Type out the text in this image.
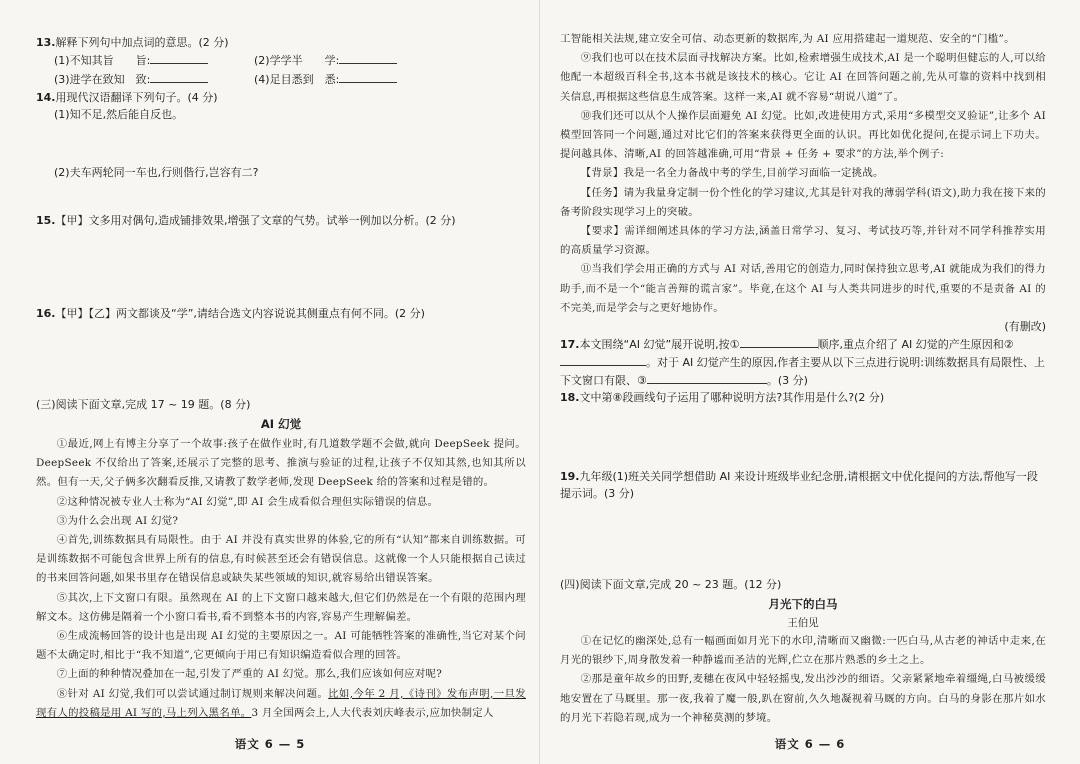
13.解释下列句中加点词的意思。(2 分)

(1)不知其旨　　旨:	(2)学学半　　学:
(3)进学在致知　致:	(4)足目悉到　悉:

14.用现代汉语翻译下列句子。(4 分)

(1)知不足,然后能自反也。

(2)夫车两轮同一车也,行则偕行,岂容有二?

15.【甲】文多用对偶句,造成铺排效果,增强了文章的气势。试举一例加以分析。(2 分)

16.【甲】【乙】两文都谈及“学”,请结合选文内容说说其侧重点有何不同。(2 分)

(三)阅读下面文章,完成 17 ~ 19 题。(8 分)

AI 幻觉

①最近,网上有博主分享了一个故事:孩子在做作业时,有几道数学题不会做,就向 DeepSeek 提问。DeepSeek 不仅给出了答案,还展示了完整的思考、推演与验证的过程,让孩子不仅知其然,也知其所以然。但有一天,父子俩多次翻看反推,又请教了数学老师,发现 DeepSeek 给的答案和过程是错的。

②这种情况被专业人士称为“AI 幻觉”,即 AI 会生成看似合理但实际错误的信息。

③为什么会出现 AI 幻觉?

④首先,训练数据具有局限性。由于 AI 并没有真实世界的体验,它的所有“认知”都来自训练数据。可是训练数据不可能包含世界上所有的信息,有时候甚至还会有错误信息。这就像一个人只能根据自己读过的书来回答问题,如果书里存在错误信息或缺失某些领域的知识,就容易给出错误答案。

⑤其次,上下文窗口有限。虽然现在 AI 的上下文窗口越来越大,但它们仍然是在一个有限的范围内理解文本。这仿佛是隔着一个小窗口看书,看不到整本书的内容,容易产生理解偏差。

⑥生成流畅回答的设计也是出现 AI 幻觉的主要原因之一。AI 可能牺牲答案的准确性,当它对某个问题不太确定时,相比于“我不知道”,它更倾向于用已有知识编造看似合理的回答。

⑦上面的种种情况叠加在一起,引发了严重的 AI 幻觉。那么,我们应该如何应对呢?

⑧针对 AI 幻觉,我们可以尝试通过制订规则来解决问题。比如,今年 2 月,《诗刊》发布声明,一旦发现有人的投稿是用 AI 写的,马上列入黑名单。3 月全国两会上,人大代表刘庆峰表示,应加快制定人

语文 6 — 5

工智能相关法规,建立安全可信、动态更新的数据库,为 AI 应用搭建起一道规范、安全的“门槛”。

⑨我们也可以在技术层面寻找解决方案。比如,检索增强生成技术,AI 是一个聪明但健忘的人,可以给他配一本超级百科全书,这本书就是该技术的核心。它让 AI 在回答问题之前,先从可靠的资料中找到相关信息,再根据这些信息生成答案。这样一来,AI 就不容易“胡说八道”了。

⑩我们还可以从个人操作层面避免 AI 幻觉。比如,改进使用方式,采用“多模型交叉验证”,让多个 AI 模型回答同一个问题,通过对比它们的答案来获得更全面的认识。再比如优化提问,在提示词上下功夫。提问越具体、清晰,AI 的回答越准确,可用“背景 + 任务 + 要求”的方法,举个例子:

【背景】我是一名全力备战中考的学生,目前学习面临一定挑战。

【任务】请为我量身定制一份个性化的学习建议,尤其是针对我的薄弱学科(语文),助力我在接下来的备考阶段实现学习上的突破。

【要求】需详细阐述具体的学习方法,涵盖日常学习、复习、考试技巧等,并针对不同学科推荐实用的高质量学习资源。

⑪当我们学会用正确的方式与 AI 对话,善用它的创造力,同时保持独立思考,AI 就能成为我们的得力助手,而不是一个“能言善辩的谎言家”。毕竟,在这个 AI 与人类共同进步的时代,重要的不是责备 AI 的不完美,而是学会与之更好地协作。

(有删改)

17.本文围绕“AI 幻觉”展开说明,按①	顺序,重点介绍了 AI 幻觉的产生原因和②。对于 AI 幻觉产生的原因,作者主要从以下三点进行说明:训练数据具有局限性、上下文窗口有限、③	。(3 分)

18.文中第⑧段画线句子运用了哪种说明方法?其作用是什么?(2 分)

19.九年级(1)班关关同学想借助 AI 来设计班级毕业纪念册,请根据文中优化提问的方法,帮他写一段提示词。(3 分)

(四)阅读下面文章,完成 20 ~ 23 题。(12 分)

月光下的白马

王伯见

①在记忆的幽深处,总有一幅画面如月光下的水印,清晰而又幽微:一匹白马,从古老的神话中走来,在月光的银纱下,周身散发着一种静谧而圣洁的光辉,伫立在那片熟悉的乡土之上。

②那是童年故乡的田野,麦穗在夜风中轻轻摇曳,发出沙沙的细语。父亲紧紧地牵着缰绳,白马被缓缓地安置在了马厩里。那一夜,我着了魔一般,趴在窗前,久久地凝视着马厩的方向。白马的身影在那片如水的月光下若隐若现,成为一个神秘莫测的梦境。

语文 6 — 6
